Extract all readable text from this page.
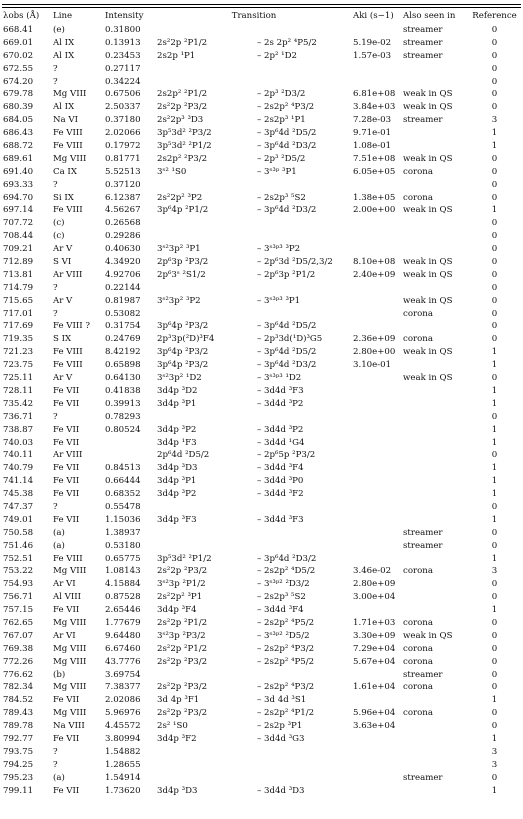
λobs (Å)	Line	Intensity	Transition		Aki (s−1)	Also seen in	Reference
668.41	(e)	0.31800				streamer	0
669.01	Al IX	0.13913	2s²2p ²P1/2	– 2s 2p² ⁴P5/2	5.19e-02	streamer	0
670.02	Al IX	0.23453	2s2p ¹P1	– 2p² ¹D2	1.57e-03	streamer	0
672.55	?	0.27117					0
674.20	?	0.34224					0
679.78	Mg VIII	0.67506	2s2p² ²P1/2	– 2p³ ²D3/2	6.81e+08	weak in QS	0
680.39	Al IX	2.50337	2s²2p ²P3/2	– 2s2p² ⁴P3/2	3.84e+03	weak in QS	0
684.05	Na VI	0.37180	2s²2p³ ³D3	– 2s2p³ ¹P1	7.28e-03	streamer	3
686.43	Fe VIII	2.02066	3p⁵3d² ²P3/2	– 3p⁶4d ²D5/2	9.71e-01		1
688.72	Fe VIII	0.17972	3p⁵3d² ²P1/2	– 3p⁶4d ²D3/2	1.08e-01		1
689.61	Mg VIII	0.81771	2s2p² ²P3/2	– 2p³ ²D5/2	7.51e+08	weak in QS	0
691.40	Ca IX	5.52513	3ˢ² ¹S0	– 3ˢ³ᵖ ³P1	6.05e+05	corona	0
693.33	?	0.37120					0
694.70	Si IX	6.12387	2s²2p² ³P2	– 2s2p³ ⁵S2	1.38e+05	corona	0
697.14	Fe VIII	4.56267	3p⁶4p ²P1/2	– 3p⁶4d ²D3/2	2.00e+00	weak in QS	1
707.72	(c)	0.26568					0
708.44	(c)	0.29286					0
709.21	Ar V	0.40630	3ˢ²3p² ³P1	– 3ˢ³ᵖ³ ³P2			0
712.89	S VI	4.34920	2p⁶3p ²P3/2	– 2p⁶3d ²D5/2,3/2	8.10e+08	weak in QS	0
713.81	Ar VIII	4.92706	2p⁶3ˢ ²S1/2	– 2p⁶3p ²P1/2	2.40e+09	weak in QS	0
714.79	?	0.22144					0
715.65	Ar V	0.81987	3ˢ²3p² ³P2	– 3ˢ³ᵖ³ ³P1		weak in QS	0
717.01	?	0.53082				corona	0
717.69	Fe VIII ?	0.31754	3p⁶4p ²P3/2	– 3p⁶4d ²D5/2			0
719.35	S IX	0.24769	2p³3p(²D)³F4	– 2p³3d(¹D)³G5	2.36e+09	corona	0
721.23	Fe VIII	8.42192	3p⁶4p ²P3/2	– 3p⁶4d ²D5/2	2.80e+00	weak in QS	1
723.75	Fe VIII	0.65898	3p⁶4p ²P3/2	– 3p⁶4d ²D3/2	3.10e-01		1
725.11	Ar V	0.64130	3ˢ²3p² ¹D2	– 3ˢ³ᵖ³ ¹D2		weak in QS	0
728.11	Fe VII	0.41838	3d4p ³D2	– 3d4d ³F3			1
735.42	Fe VII	0.39913	3d4p ³P1	– 3d4d ³P2			1
736.71	?	0.78293					0
738.87	Fe VII	0.80524	3d4p ³P2	– 3d4d ³P2			1
740.03	Fe VII		3d4p ¹F3	– 3d4d ¹G4			1
740.11	Ar VIII		2p⁶4d ²D5/2	– 2p⁶5p ²P3/2			0
740.79	Fe VII	0.84513	3d4p ³D3	– 3d4d ³F4			1
741.14	Fe VII	0.66444	3d4p ³P1	– 3d4d ³P0			1
745.38	Fe VII	0.68352	3d4p ³P2	– 3d4d ³F2			1
747.37	?	0.55478					0
749.01	Fe VII	1.15036	3d4p ³F3	– 3d4d ³F3			1
750.58	(a)	1.38937				streamer	0
751.46	(a)	0.53180				streamer	0
752.51	Fe VIII	0.65775	3p⁵3d² ²P1/2	– 3p⁶4d ²D3/2			1
753.22	Mg VIII	1.08143	2s²2p ²P3/2	– 2s2p² ⁴D5/2	3.46e-02	corona	3
754.93	Ar VI	4.15884	3ˢ²3p ²P1/2	– 3ˢ³ᵖ² ²D3/2	2.80e+09		0
756.71	Al VIII	0.87528	2s²2p² ³P1	– 2s2p³ ⁵S2	3.00e+04		0
757.15	Fe VII	2.65446	3d4p ³F4	– 3d4d ³F4			1
762.65	Mg VIII	1.77679	2s²2p ²P1/2	– 2s2p² ⁴P5/2	1.71e+03	corona	0
767.07	Ar VI	9.64480	3ˢ²3p ²P3/2	– 3ˢ³ᵖ² ²D5/2	3.30e+09	weak in QS	0
769.38	Mg VIII	6.67460	2s²2p ²P1/2	– 2s2p² ⁴P3/2	7.29e+04	corona	0
772.26	Mg VIII	43.7776	2s²2p ²P3/2	– 2s2p² ⁴P5/2	5.67e+04	corona	0
776.62	(b)	3.69754				streamer	0
782.34	Mg VIII	7.38377	2s²2p ²P3/2	– 2s2p² ⁴P3/2	1.61e+04	corona	0
784.52	Fe VII	2.02086	3d 4p ³F1	– 3d 4d ³S1			1
789.43	Mg VIII	5.96976	2s²2p ²P3/2	– 2s2p² ⁴P1/2	5.96e+04	corona	0
789.78	Na VIII	4.45572	2s² ¹S0	– 2s2p ³P1	3.63e+04		0
792.77	Fe VII	3.80994	3d4p ³F2	– 3d4d ³G3			1
793.75	?	1.54882					3
794.25	?	1.28655					3
795.23	(a)	1.54914				streamer	0
799.11	Fe VII	1.73620	3d4p ³D3	– 3d4d ³D3			1
